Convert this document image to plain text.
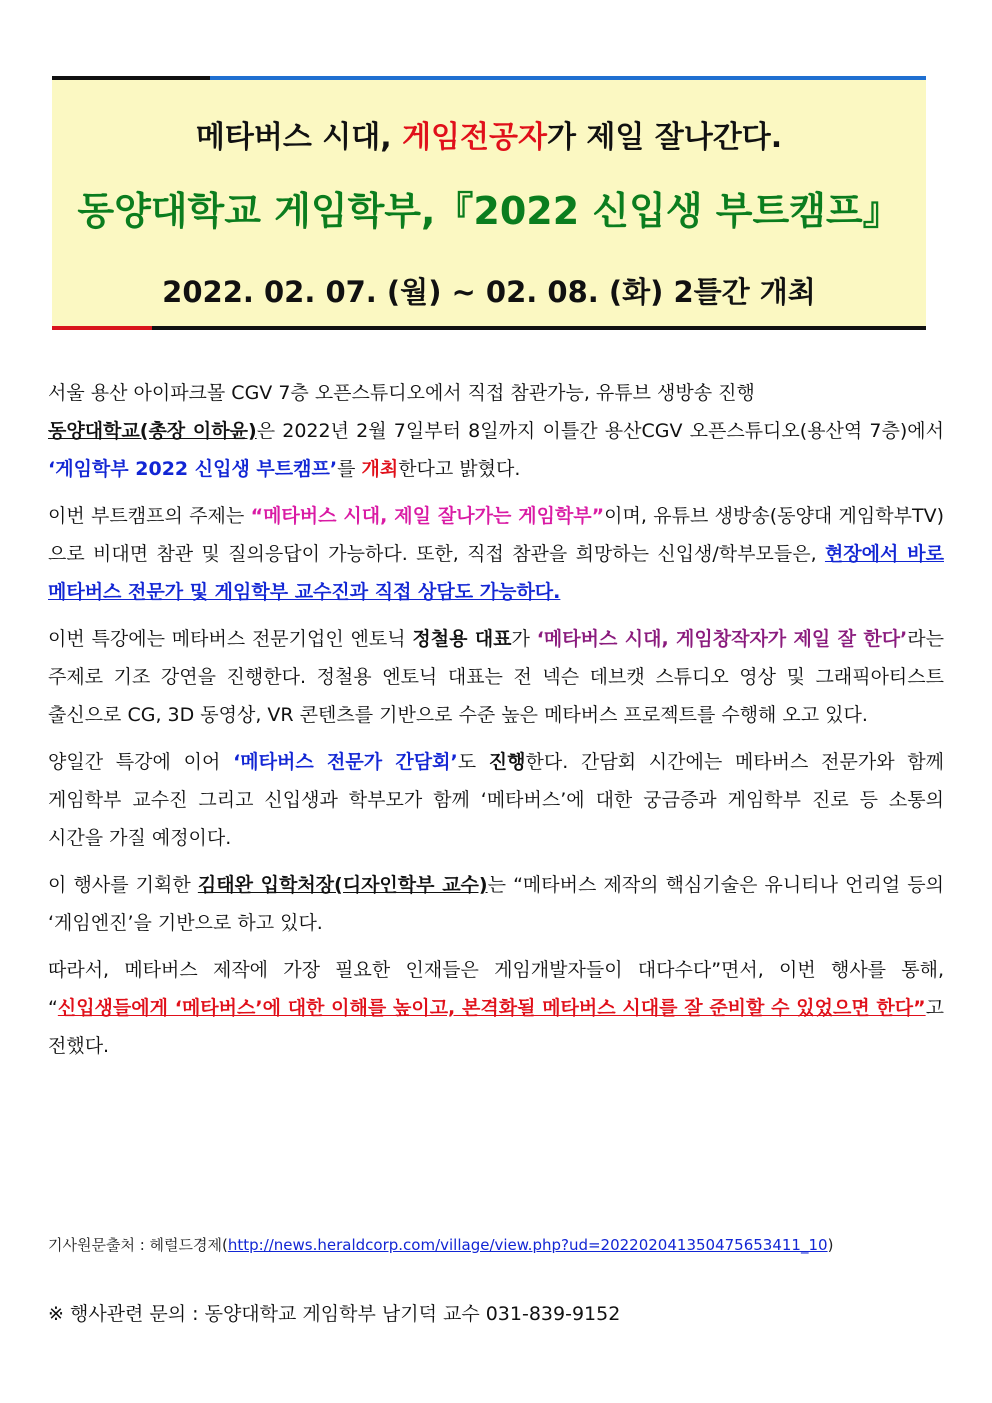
메타버스 시대, 게임전공자가 제일 잘나간다.
동양대학교 게임학부,『2022 신입생 부트캠프』
2022. 02. 07. (월) ~ 02. 08. (화) 2틀간 개최

서울 용산 아이파크몰 CGV 7층 오픈스튜디오에서 직접 참관가능, 유튜브 생방송 진행
동양대학교(총장 이하윤)은 2022년 2월 7일부터 8일까지 이틀간 용산CGV 오픈스튜디오(용산역 7층)에서 ‘게임학부 2022 신입생 부트캠프’를 개최한다고 밝혔다.

이번 부트캠프의 주제는 “메타버스 시대, 제일 잘나가는 게임학부”이며, 유튜브 생방송(동양대 게임학부TV)으로 비대면 참관 및 질의응답이 가능하다. 또한, 직접 참관을 희망하는 신입생/학부모들은, 현장에서 바로 메타버스 전문가 및 게임학부 교수진과 직접 상담도 가능하다.

이번 특강에는 메타버스 전문기업인 엔토닉 정철용 대표가 ‘메타버스 시대, 게임창작자가 제일 잘 한다’라는 주제로 기조 강연을 진행한다. 정철용 엔토닉 대표는 전 넥슨 데브캣 스튜디오 영상 및 그래픽아티스트 출신으로 CG, 3D 동영상, VR 콘텐츠를 기반으로 수준 높은 메타버스 프로젝트를 수행해 오고 있다.

양일간 특강에 이어 ‘메타버스 전문가 간담회’도 진행한다. 간담회 시간에는 메타버스 전문가와 함께 게임학부 교수진 그리고 신입생과 학부모가 함께 ‘메타버스’에 대한 궁금증과 게임학부 진로 등 소통의 시간을 가질 예정이다.

이 행사를 기획한 김태완 입학처장(디자인학부 교수)는 “메타버스 제작의 핵심기술은 유니티나 언리얼 등의 ‘게임엔진’을 기반으로 하고 있다.

따라서, 메타버스 제작에 가장 필요한 인재들은 게임개발자들이 대다수다”면서, 이번 행사를 통해, “신입생들에게 ‘메타버스’에 대한 이해를 높이고, 본격화될 메타버스 시대를 잘 준비할 수 있었으면 한다”고 전했다.

기사원문출처 : 헤럴드경제(http://news.heraldcorp.com/village/view.php?ud=20220204135047565341​1_10)
※ 행사관련 문의 : 동양대학교 게임학부 남기덕 교수 031-839-9152
